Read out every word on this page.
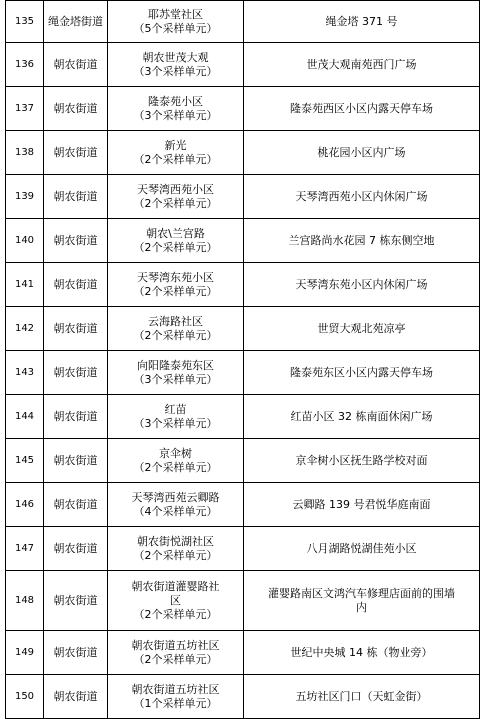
135	绳金塔街道	耶苏堂社区
（5个采样单元）	绳金塔 371 号

136	朝农街道	朝农世茂大观
（3个采样单元）	世茂大观南苑西门广场

137	朝农街道	隆泰苑小区
（3个采样单元）	隆泰苑西区小区内露天停车场

138	朝农街道	新光
（2个采样单元）	桃花园小区内广场

139	朝农街道	天琴湾西苑小区
（2个采样单元）	天琴湾西苑小区内休闲广场

140	朝农街道	朝农\兰宫路
（2个采样单元）	兰宫路尚水花园 7 栋东侧空地

141	朝农街道	天琴湾东苑小区
（2个采样单元）	天琴湾东苑小区内休闲广场

142	朝农街道	云海路社区
（2个采样单元）	世贸大观北苑凉亭

143	朝农街道	向阳隆泰苑东区
（3个采样单元）	隆泰苑东区小区内露天停车场

144	朝农街道	红苗
（3个采样单元）	红苗小区 32 栋南面休闲广场

145	朝农街道	京伞树
（2个采样单元）	京伞树小区抚生路学校对面

146	朝农街道	天琴湾西苑云卿路
（4个采样单元）	云卿路 139 号君悦华庭南面

147	朝农街道	朝农街悦湖社区
（2个采样单元）	八月湖路悦湖佳苑小区

148	朝农街道	朝农街道灌婴路社
区
（2个采样单元）	灌婴路南区文鸿汽车修理店面前的围墙
内

149	朝农街道	朝农街道五坊社区
（2个采样单元）	世纪中央城 14 栋（物业旁）

150	朝农街道	朝农街道五坊社区
（1个采样单元）	五坊社区门口（天虹金街）
